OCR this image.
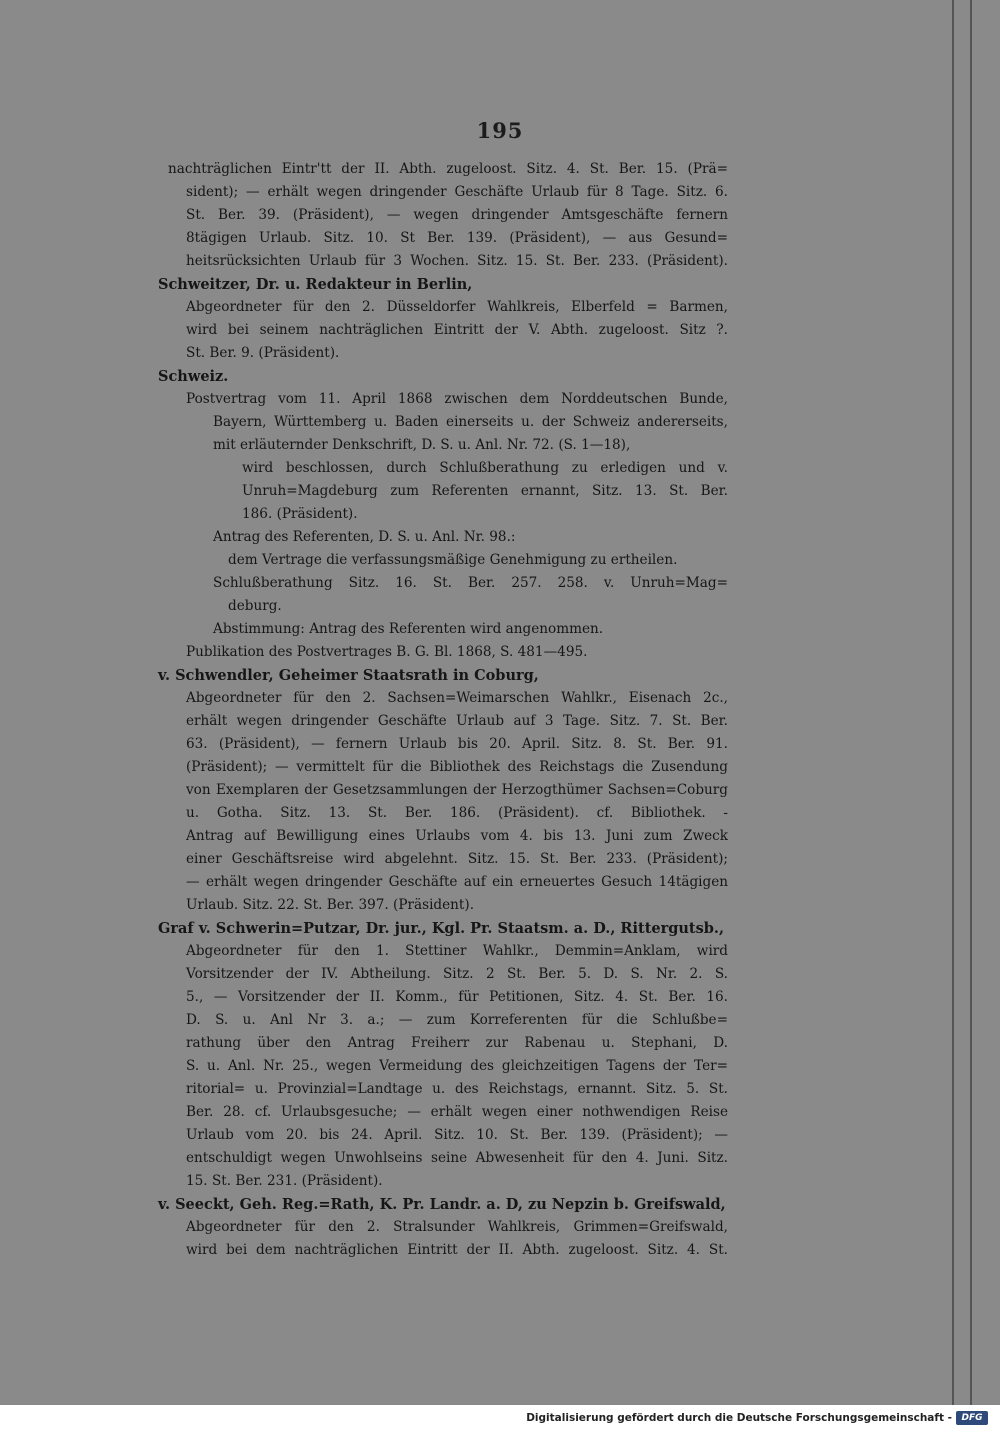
195
nachträglichen Eintr'tt der II. Abth. zugeloost. Sitz. 4. St. Ber. 15. (Prä=
sident); — erhält wegen dringender Geschäfte Urlaub für 8 Tage. Sitz. 6.
St. Ber. 39. (Präsident), — wegen dringender Amtsgeschäfte fernern
8tägigen Urlaub. Sitz. 10. St Ber. 139. (Präsident), — aus Gesund=
heitsrücksichten Urlaub für 3 Wochen. Sitz. 15. St. Ber. 233. (Präsident).
Schweitzer, Dr. u. Redakteur in Berlin,
Abgeordneter für den 2. Düsseldorfer Wahlkreis, Elberfeld = Barmen,
wird bei seinem nachträglichen Eintritt der V. Abth. zugeloost. Sitz ?.
St. Ber. 9. (Präsident).
Schweiz.
Postvertrag vom 11. April 1868 zwischen dem Norddeutschen Bunde,
Bayern, Württemberg u. Baden einerseits u. der Schweiz andererseits,
mit erläuternder Denkschrift, D. S. u. Anl. Nr. 72. (S. 1—18),
wird beschlossen, durch Schlußberathung zu erledigen und v.
Unruh=Magdeburg zum Referenten ernannt, Sitz. 13. St. Ber.
186. (Präsident).
Antrag des Referenten, D. S. u. Anl. Nr. 98.:
dem Vertrage die verfassungsmäßige Genehmigung zu ertheilen.
Schlußberathung Sitz. 16. St. Ber. 257. 258. v. Unruh=Mag=
deburg.
Abstimmung: Antrag des Referenten wird angenommen.
Publikation des Postvertrages B. G. Bl. 1868, S. 481—495.
v. Schwendler, Geheimer Staatsrath in Coburg,
Abgeordneter für den 2. Sachsen=Weimarschen Wahlkr., Eisenach 2c.,
erhält wegen dringender Geschäfte Urlaub auf 3 Tage. Sitz. 7. St. Ber.
63. (Präsident), — fernern Urlaub bis 20. April. Sitz. 8. St. Ber. 91.
(Präsident); — vermittelt für die Bibliothek des Reichstags die Zusendung
von Exemplaren der Gesetzsammlungen der Herzogthümer Sachsen=Coburg
u. Gotha. Sitz. 13. St. Ber. 186. (Präsident). cf. Bibliothek. -
Antrag auf Bewilligung eines Urlaubs vom 4. bis 13. Juni zum Zweck
einer Geschäftsreise wird abgelehnt. Sitz. 15. St. Ber. 233. (Präsident);
— erhält wegen dringender Geschäfte auf ein erneuertes Gesuch 14tägigen
Urlaub. Sitz. 22. St. Ber. 397. (Präsident).
Graf v. Schwerin=Putzar, Dr. jur., Kgl. Pr. Staatsm. a. D., Rittergutsb.,
Abgeordneter für den 1. Stettiner Wahlkr., Demmin=Anklam, wird
Vorsitzender der IV. Abtheilung. Sitz. 2 St. Ber. 5. D. S. Nr. 2. S.
5., — Vorsitzender der II. Komm., für Petitionen, Sitz. 4. St. Ber. 16.
D. S. u. Anl Nr 3. a.; — zum Korreferenten für die Schlußbe=
rathung über den Antrag Freiherr zur Rabenau u. Stephani, D.
S. u. Anl. Nr. 25., wegen Vermeidung des gleichzeitigen Tagens der Ter=
ritorial= u. Provinzial=Landtage u. des Reichstags, ernannt. Sitz. 5. St.
Ber. 28. cf. Urlaubsgesuche; — erhält wegen einer nothwendigen Reise
Urlaub vom 20. bis 24. April. Sitz. 10. St. Ber. 139. (Präsident); —
entschuldigt wegen Unwohlseins seine Abwesenheit für den 4. Juni. Sitz.
15. St. Ber. 231. (Präsident).
v. Seeckt, Geh. Reg.=Rath, K. Pr. Landr. a. D, zu Nepzin b. Greifswald,
Abgeordneter für den 2. Stralsunder Wahlkreis, Grimmen=Greifswald,
wird bei dem nachträglichen Eintritt der II. Abth. zugeloost. Sitz. 4. St.
Digitalisierung gefördert durch die Deutsche Forschungsgemeinschaft -	DFG
